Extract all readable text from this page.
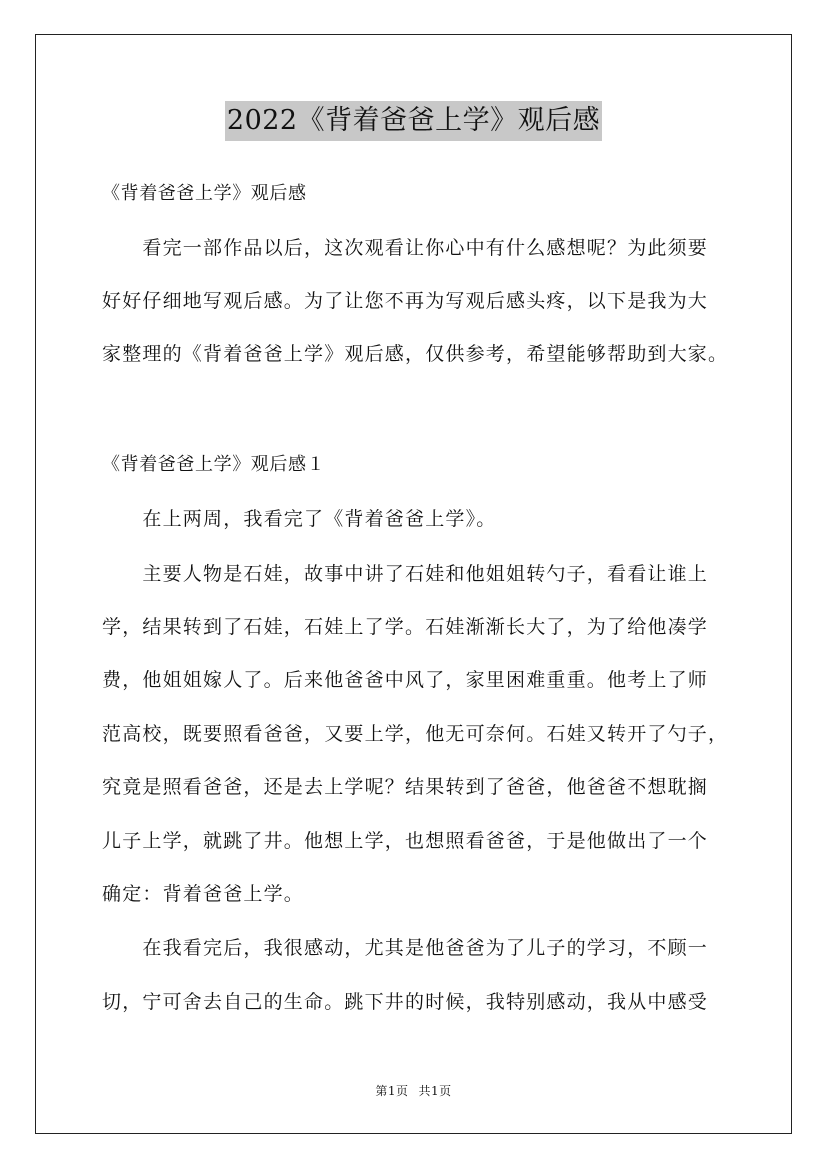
2022《背着爸爸上学》观后感
《背着爸爸上学》观后感
　　看完一部作品以后，这次观看让你心中有什么感想呢？为此须要
好好仔细地写观后感。为了让您不再为写观后感头疼，以下是我为大
家整理的《背着爸爸上学》观后感，仅供参考，希望能够帮助到大家。
《背着爸爸上学》观后感１
　　在上两周，我看完了《背着爸爸上学》。
　　主要人物是石娃，故事中讲了石娃和他姐姐转勺子，看看让谁上
学，结果转到了石娃，石娃上了学。石娃渐渐长大了，为了给他凑学
费，他姐姐嫁人了。后来他爸爸中风了，家里困难重重。他考上了师
范高校，既要照看爸爸，又要上学，他无可奈何。石娃又转开了勺子，
究竟是照看爸爸，还是去上学呢？结果转到了爸爸，他爸爸不想耽搁
儿子上学，就跳了井。他想上学，也想照看爸爸，于是他做出了一个
确定：背着爸爸上学。
　　在我看完后，我很感动，尤其是他爸爸为了儿子的学习，不顾一
切，宁可舍去自己的生命。跳下井的时候，我特别感动，我从中感受
第1页 共1页
